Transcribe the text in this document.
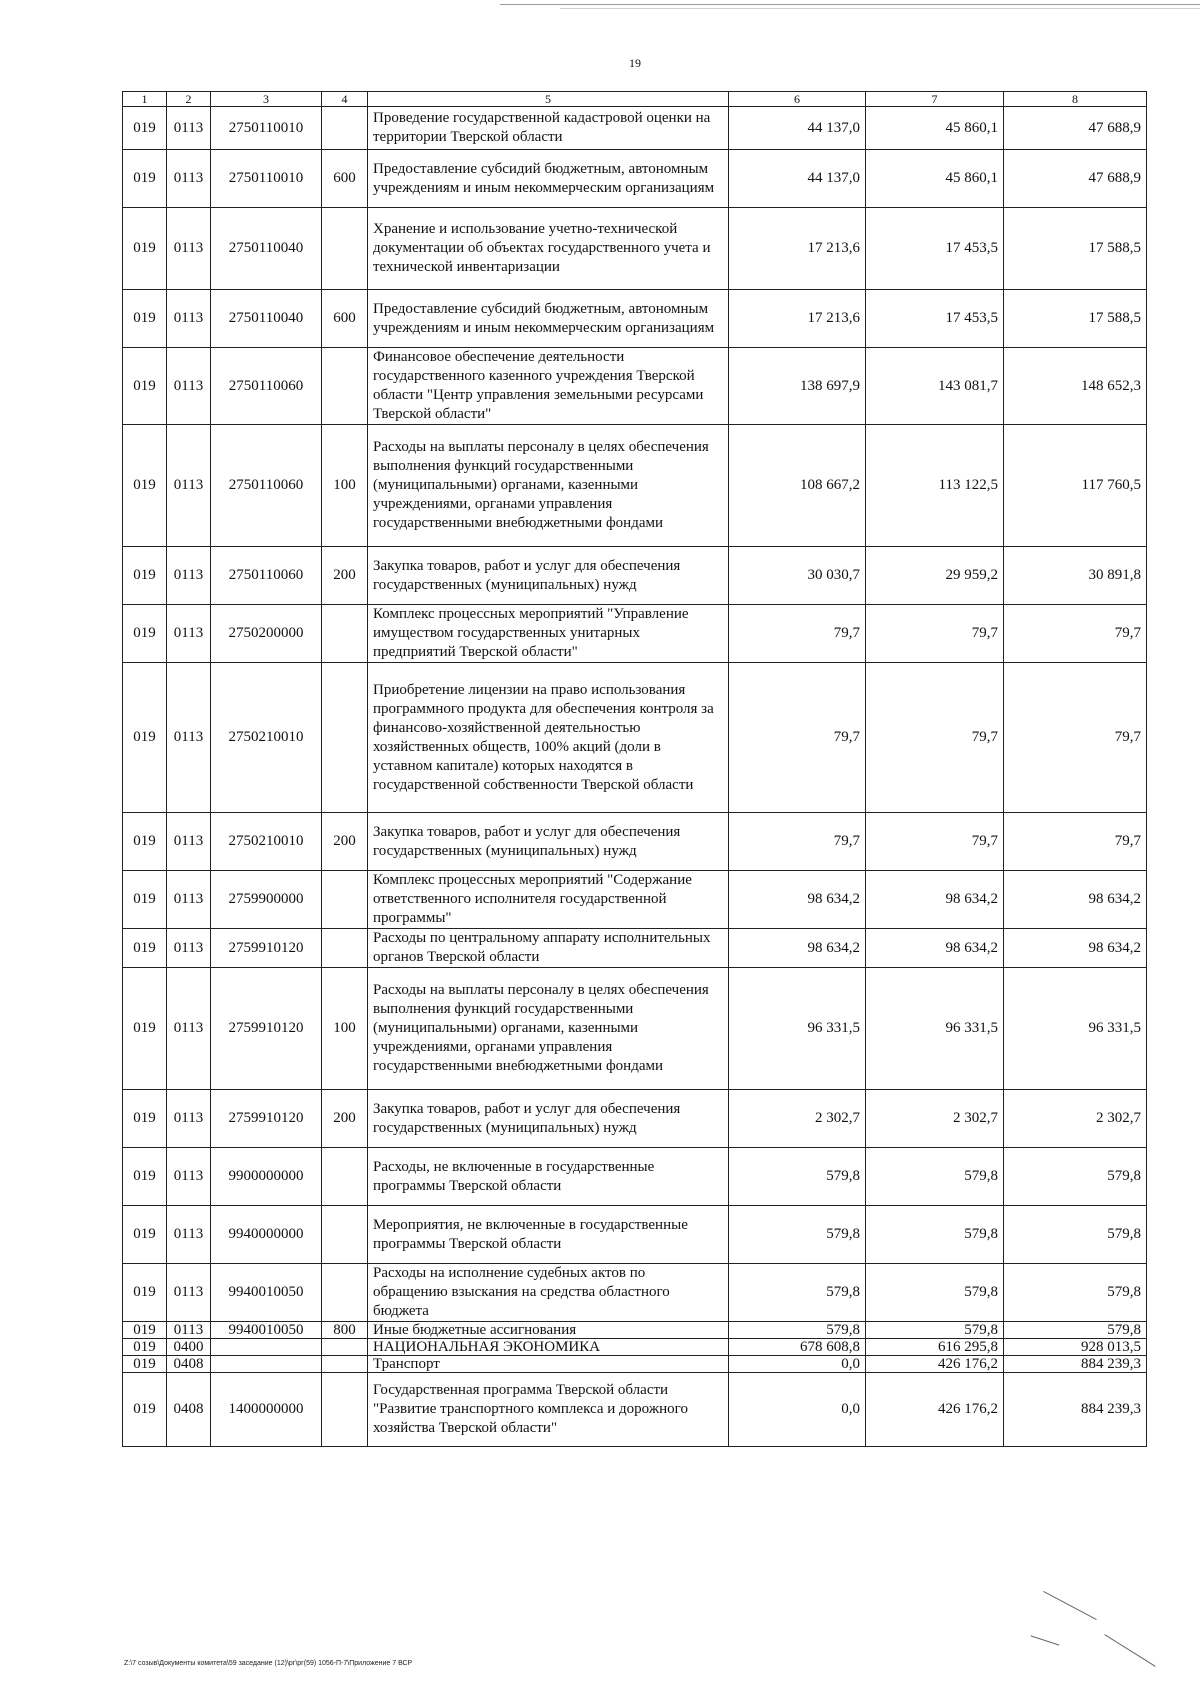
19
1	2	3	4	5	6	7	8
019	0113	2750110010		Проведение государственной кадастровой оценки на территории Тверской области	44 137,0	45 860,1	47 688,9
019	0113	2750110010	600	Предоставление субсидий бюджетным, автономным учреждениям и иным некоммерческим организациям	44 137,0	45 860,1	47 688,9
019	0113	2750110040		Хранение и использование учетно-технической документации об объектах государственного учета и технической инвентаризации	17 213,6	17 453,5	17 588,5
019	0113	2750110040	600	Предоставление субсидий бюджетным, автономным учреждениям и иным некоммерческим организациям	17 213,6	17 453,5	17 588,5
019	0113	2750110060		Финансовое обеспечение деятельности государственного казенного учреждения Тверской области "Центр управления земельными ресурсами Тверской области"	138 697,9	143 081,7	148 652,3
019	0113	2750110060	100	Расходы на выплаты персоналу в целях обеспечения выполнения функций государственными (муниципальными) органами, казенными учреждениями, органами управления государственными внебюджетными фондами	108 667,2	113 122,5	117 760,5
019	0113	2750110060	200	Закупка товаров, работ и услуг для обеспечения государственных (муниципальных) нужд	30 030,7	29 959,2	30 891,8
019	0113	2750200000		Комплекс процессных мероприятий "Управление имуществом государственных унитарных предприятий Тверской области"	79,7	79,7	79,7
019	0113	2750210010		Приобретение лицензии на право использования программного продукта для обеспечения контроля за финансово-хозяйственной деятельностью хозяйственных обществ, 100% акций (доли в уставном капитале) которых находятся в государственной собственности Тверской области	79,7	79,7	79,7
019	0113	2750210010	200	Закупка товаров, работ и услуг для обеспечения государственных (муниципальных) нужд	79,7	79,7	79,7
019	0113	2759900000		Комплекс процессных мероприятий "Содержание ответственного исполнителя государственной программы"	98 634,2	98 634,2	98 634,2
019	0113	2759910120		Расходы по центральному аппарату исполнительных органов Тверской области	98 634,2	98 634,2	98 634,2
019	0113	2759910120	100	Расходы на выплаты персоналу в целях обеспечения выполнения функций государственными (муниципальными) органами, казенными учреждениями, органами управления государственными внебюджетными фондами	96 331,5	96 331,5	96 331,5
019	0113	2759910120	200	Закупка товаров, работ и услуг для обеспечения государственных (муниципальных) нужд	2 302,7	2 302,7	2 302,7
019	0113	9900000000		Расходы, не включенные в государственные программы Тверской области	579,8	579,8	579,8
019	0113	9940000000		Мероприятия, не включенные в государственные программы Тверской области	579,8	579,8	579,8
019	0113	9940010050		Расходы на исполнение судебных актов по обращению взыскания на средства областного бюджета	579,8	579,8	579,8
019	0113	9940010050	800	Иные бюджетные ассигнования	579,8	579,8	579,8
019	0400			НАЦИОНАЛЬНАЯ ЭКОНОМИКА	678 608,8	616 295,8	928 013,5
019	0408			Транспорт	0,0	426 176,2	884 239,3
019	0408	1400000000		Государственная программа Тверской области "Развитие транспортного комплекса и дорожного хозяйства Тверской области"	0,0	426 176,2	884 239,3
Z:\7 созыв\Документы комитета\59 заседание (12)\рг\рг(59) 1056-П-7\Приложение 7 ВСР
